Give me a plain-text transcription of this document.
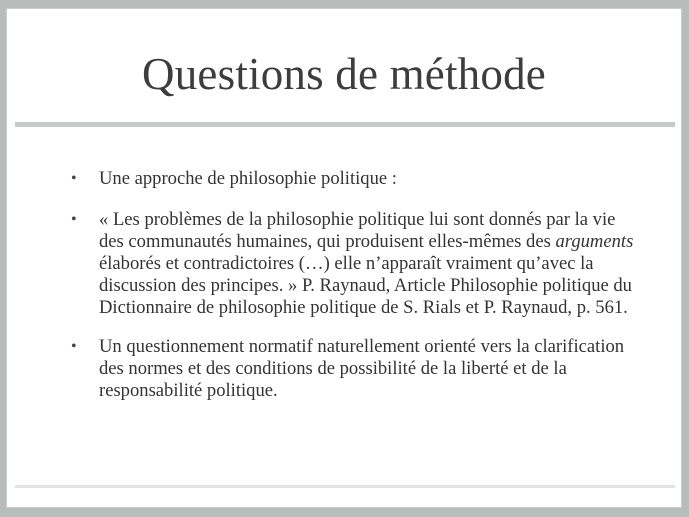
Questions de méthode
• Une approche de philosophie politique :
• « Les problèmes de la philosophie politique lui sont donnés par la vie des communautés humaines, qui produisent elles-mêmes des arguments élaborés et contradictoires (…) elle n’apparaît vraiment qu’avec la discussion des principes. » P. Raynaud, Article Philosophie politique du Dictionnaire de philosophie politique de S. Rials et P. Raynaud, p. 561.
• Un questionnement normatif naturellement orienté vers la clarification des normes et des conditions de possibilité de la liberté et de la responsabilité politique.
